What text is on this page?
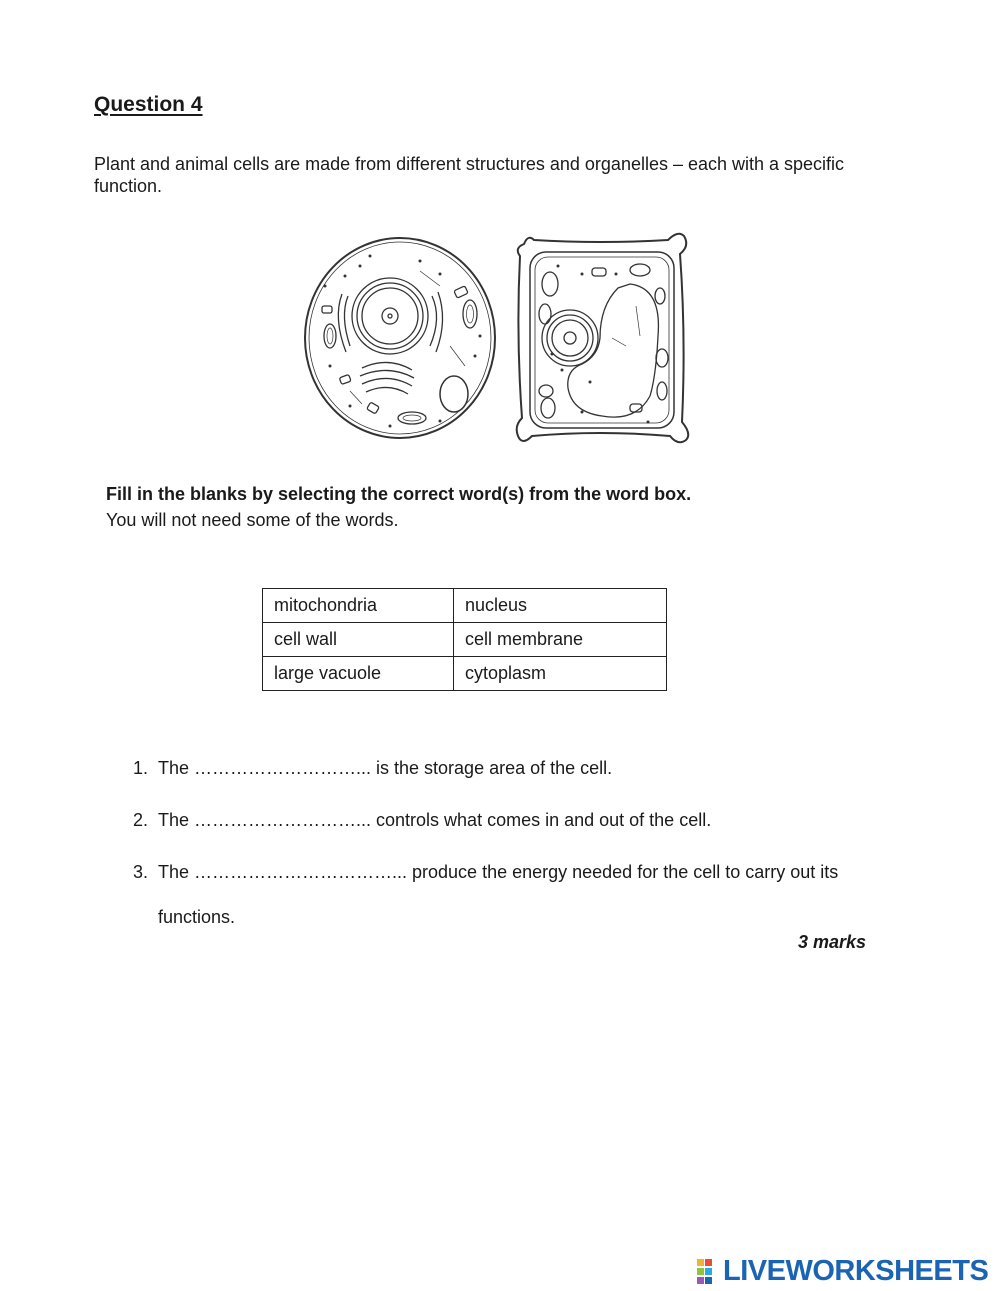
Question 4

Plant and animal cells are made from different structures and organelles – each with a specific function.

Fill in the blanks by selecting the correct word(s) from the word box.

You will not need some of the words.

mitochondria	nucleus
cell wall	cell membrane
large vacuole	cytoplasm
1. The ………………………... is the storage area of the cell.
2. The ………………………... controls what comes in and out of the cell.
3. The ……………………………... produce the energy needed for the cell to carry out its
functions.

3 marks

LIVEWORKSHEETS
